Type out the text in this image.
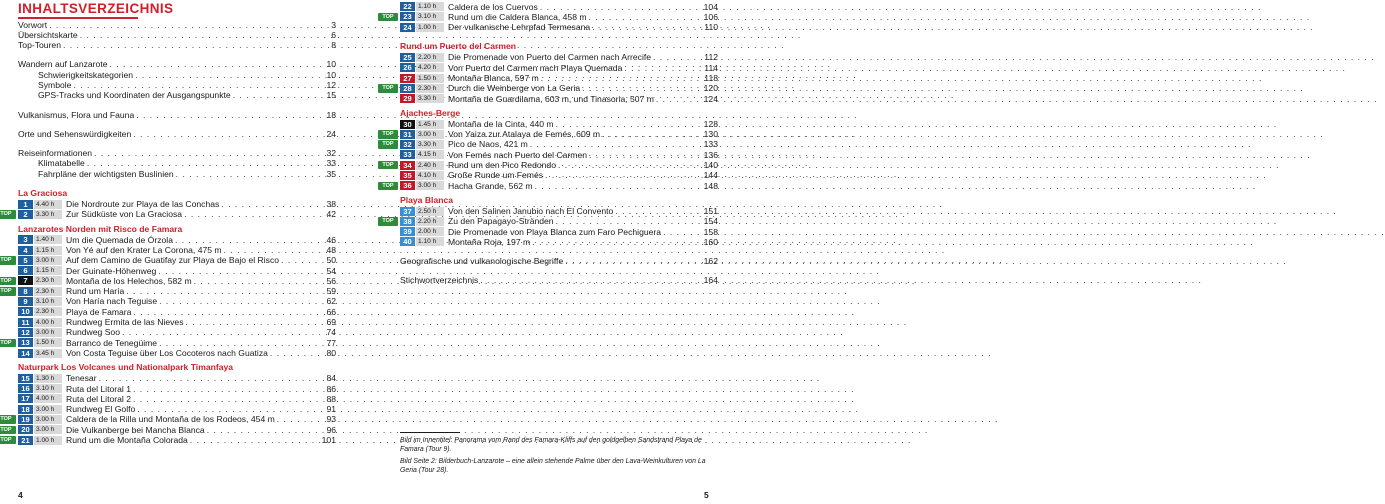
INHALTSVERZEICHNIS
Vorwort . . .	3
Übersichtskarte . . .	6
Top-Touren . . .	8
Wandern auf Lanzarote . . .	10
Schwierigkeitskategorien . . .	10
Symbole . . .	12
GPS-Tracks und Koordinaten der Ausgangspunkte . . .	15
Vulkanismus, Flora und Fauna . . .	18
Orte und Sehenswürdigkeiten . . .	24
Reiseinformationen . . .	32
Klimatabelle . . .	33
Fahrpläne der wichtigsten Buslinien . . .	35
La Graciosa
1	4.40 h	Die Nordroute zur Playa de las Conchas . . .	38
TOP	2	3.30 h	Zur Südküste von La Graciosa . . .	42
Lanzarotes Norden mit Risco de Famara
3	1.40 h	Um die Quemada de Órzola . . .	46
4	1.15 h	Von Yé auf den Krater La Corona, 475 m . . .	48
TOP	5	3.00 h	Auf dem Camino de Guatifay zur Playa de Bajo el Risco . . .	50
6	1.15 h	Der Guinate-Höhenweg . . .	54
TOP	7	2.30 h	Montaña de los Helechos, 582 m . . .	56
TOP	8	2.30 h	Rund um Haría . . .	59
9	3.10 h	Von Haría nach Teguise . . .	62
10 2.30 h	Playa de Famara . . .	66
11 4.00 h	Rundweg Ermita de las Nieves . . .	69
12 3.00 h	Rundweg Soo . . .	74
TOP	13 1.50 h	Barranco de Tenegüime . . .	77
14 3.45 h	Von Costa Teguise über Los Cocoteros nach Guatiza . . .	80
Naturpark Los Volcanes und Nationalpark Timanfaya
15 1.30 h	Tenesar . . .	84
16 3.10 h	Ruta del Litoral 1 . . .	86
17 4.00 h	Ruta del Litoral 2 . . .	88
18 3.00 h	Rundweg El Golfo . . .	91
TOP	19 3.00 h	Caldera de la Rilla und Montaña de los Rodeos, 454 m . . .	93
TOP	20 3.00 h	Die Vulkanberge bei Mancha Blanca . . .	96
TOP	21 1.00 h	Rund um die Montaña Colorada . . .	101
22 1.10 h	Caldera de los Cuervos . . .	104
TOP	23 3.10 h	Rund um die Caldera Blanca, 458 m . . .	106
24 1.00 h	Der vulkanische Lehrpfad Termesana . . .	110
Rund um Puerto del Carmen
25 2.20 h	Die Promenade von Puerto del Carmen nach Arrecife . . .	112
26 4.20 h	Von Puerto del Carmen nach Playa Quemada . . .	114
27 1.50 h	Montaña Blanca, 597 m . . .	118
TOP	28 2.30 h	Durch die Weinberge von La Geria . . .	120
29 3.30 h	Montaña de Guardilama, 603 m, und Tinasoria, 507 m . . .	124
Ajaches-Berge
30 1.45 h	Montaña de la Cinta, 440 m . . .	128
TOP	31 3.00 h	Von Yaiza zur Atalaya de Femés, 609 m . . .	130
TOP	32 3.30 h	Pico de Naos, 421 m . . .	133
33 4.15 h	Von Femés nach Puerto del Carmen . . .	136
TOP	34 2.40 h	Rund um den Pico Redondo . . .	140
35 4.10 h	Große Runde um Femés . . .	144
TOP	36 3.00 h	Hacha Grande, 562 m . . .	148
Playa Blanca
37 2.50 h	Von den Salinen Janubio nach El Convento . . .	151
TOP	38 2.20 h	Zu den Papagayo-Stränden . . .	154
39 2.00 h	Die Promenade von Playa Blanca zum Faro Pechiguera . . .	158
40 1.10 h	Montaña Roja, 197 m . . .	160
Geografische und vulkanologische Begriffe . . .	162
Stichwortverzeichnis . . .	164
Bild im Innentitel: Panorama vom Rand des Famara-Kliffs auf den goldgelben Sandstrand Playa de Famara (Tour 9).
Bild Seite 2: Bilderbuch-Lanzarote – eine allein stehende Palme über den Lava-Weinkulturen von La Geria (Tour 28).
4	5
